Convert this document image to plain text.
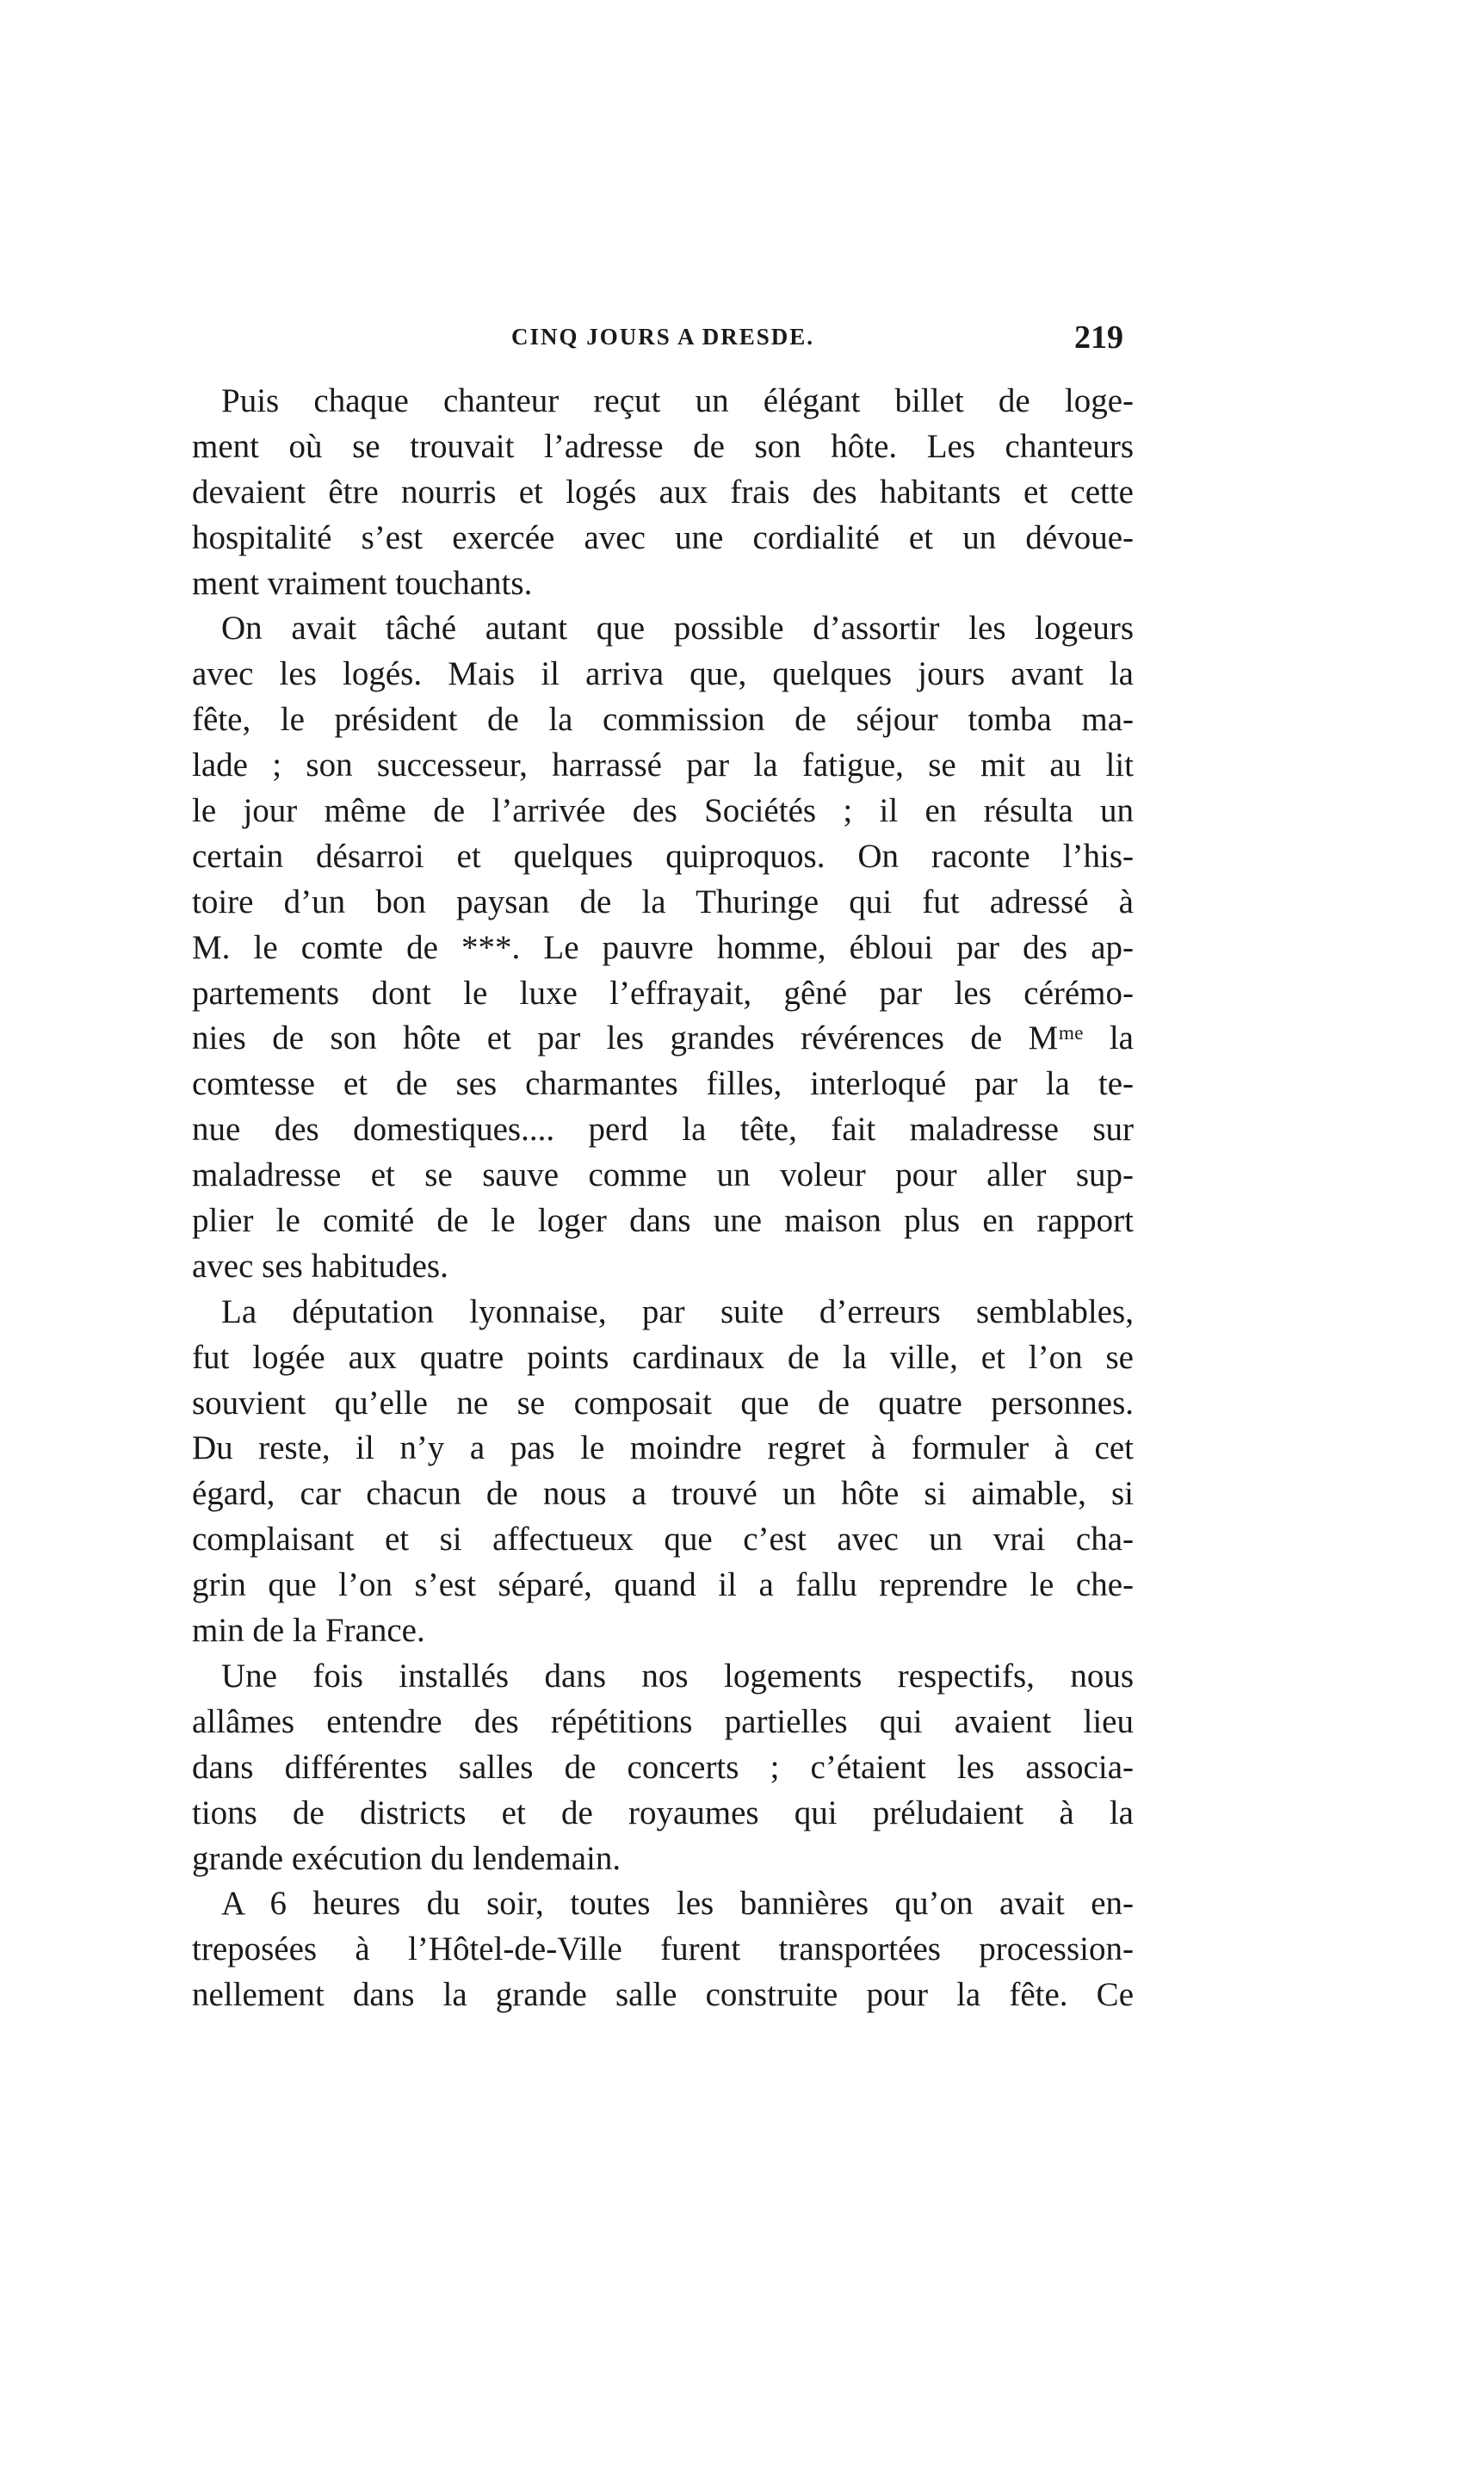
CINQ JOURS A DRESDE.	219
Puis chaque chanteur reçut un élégant billet de loge-
ment où se trouvait l’adresse de son hôte. Les chanteurs
devaient être nourris et logés aux frais des habitants et cette
hospitalité s’est exercée avec une cordialité et un dévoue-
ment vraiment touchants.
On avait tâché autant que possible d’assortir les logeurs
avec les logés. Mais il arriva que, quelques jours avant la
fête, le président de la commission de séjour tomba ma-
lade ; son successeur, harrassé par la fatigue, se mit au lit
le jour même de l’arrivée des Sociétés ; il en résulta un
certain désarroi et quelques quiproquos. On raconte l’his-
toire d’un bon paysan de la Thuringe qui fut adressé à
M. le comte de ***. Le pauvre homme, ébloui par des ap-
partements dont le luxe l’effrayait, gêné par les cérémo-
nies de son hôte et par les grandes révérences de Mᵐᵉ la
comtesse et de ses charmantes filles, interloqué par la te-
nue des domestiques.... perd la tête, fait maladresse sur
maladresse et se sauve comme un voleur pour aller sup-
plier le comité de le loger dans une maison plus en rapport
avec ses habitudes.
La députation lyonnaise, par suite d’erreurs semblables,
fut logée aux quatre points cardinaux de la ville, et l’on se
souvient qu’elle ne se composait que de quatre personnes.
Du reste, il n’y a pas le moindre regret à formuler à cet
égard, car chacun de nous a trouvé un hôte si aimable, si
complaisant et si affectueux que c’est avec un vrai cha-
grin que l’on s’est séparé, quand il a fallu reprendre le che-
min de la France.
Une fois installés dans nos logements respectifs, nous
allâmes entendre des répétitions partielles qui avaient lieu
dans différentes salles de concerts ; c’étaient les associa-
tions de districts et de royaumes qui préludaient à la
grande exécution du lendemain.
A 6 heures du soir, toutes les bannières qu’on avait en-
treposées à l’Hôtel-de-Ville furent transportées procession-
nellement dans la grande salle construite pour la fête. Ce
